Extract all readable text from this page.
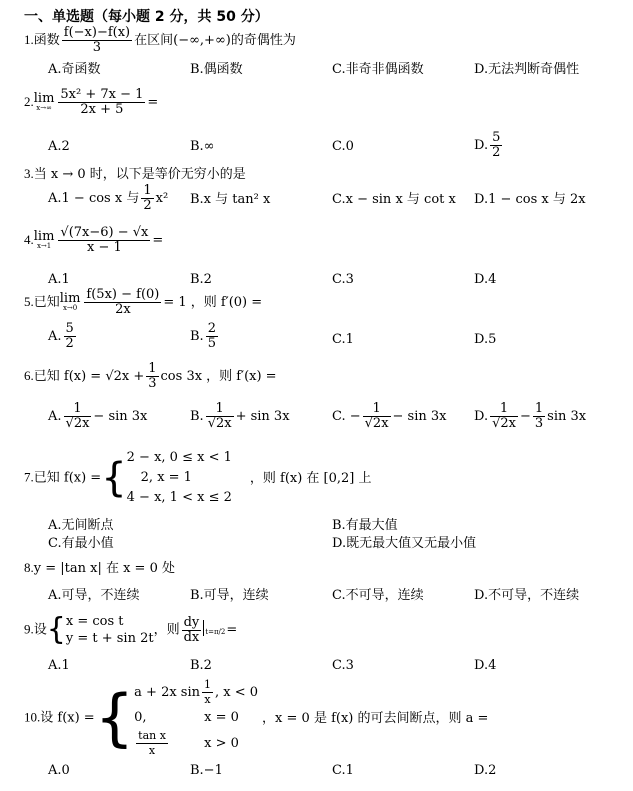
一、单选题（每小题 2 分，共 50 分）
1.函数 $\frac{f(-x)-f(x)}{3}$ 在区间(−∞,+∞)的奇偶性为
A.奇函数	B.偶函数	C.非奇非偶函数	D.无法判断奇偶性
2.lim
$x\to\infty \frac{\text{5x² + 7x − 1}}{2x + 5}$ =
A.2	B.∞	C.0	D. $\frac{5}{2}$
3.当 x → 0 时，以下是等价无穷小的是
A.1 − cos x 与 $\frac{1}{2} x^2$ B.x 与 tan² x	C.x − sin x 与 cot x D.1 − cos x 与 2x
4.lim
$x\to 1 \frac{√(7x-6) - √x}{x - 1}$ =
A.1	B.2	C.3	D.4
5.已知lim
$x\to 0 \frac{f(5x) - f(0)}{2x} = 1$ ，则 f′(0) =
A. $\frac{5}{2}$	B. $\frac{2}{5}$	C.1	D.5
6.已知 $f(x) = √2x + \frac{1}{3}$ cos 3x ，则 f′(x) =
A. $\frac{1}{√2x} - \sin 3x$	B. $\frac{1}{√2x} + \sin 3x$	C. − $\frac{1}{√2x} - \sin 3x$ D. $\frac{1}{√2x} - \frac{1}{3}$ sin 3x
7.已知 f(x) ={ 2 − x, 0 ≤ x < 1
2, x = 1
4 − x, 1 < x ≤ 2
，则 f(x) 在 [0,2] 上
A.无间断点	B.有最大值
C.有最小值	D.既无最大值又无最小值
8.y = |tan x| 在 x = 0 处
A.可导，不连续	B.可导，连续	C.不可导，连续	D.不可导，不连续
9.设{ x = cos t
y = t + sin 2t
，则 $\frac{dy}{dx} t=\pi/2=$
A.1	B.2	C.3	D.4
10.设 f(x) ={ a + 2x $\sin \frac{1}{x}$ , x < 0
0,	x = 0
$\frac{\text{tan x}}{x}$	x > 0
，x = 0 是 f(x) 的可去间断点，则 a =
A.0	B.−1	C.1	D.2
